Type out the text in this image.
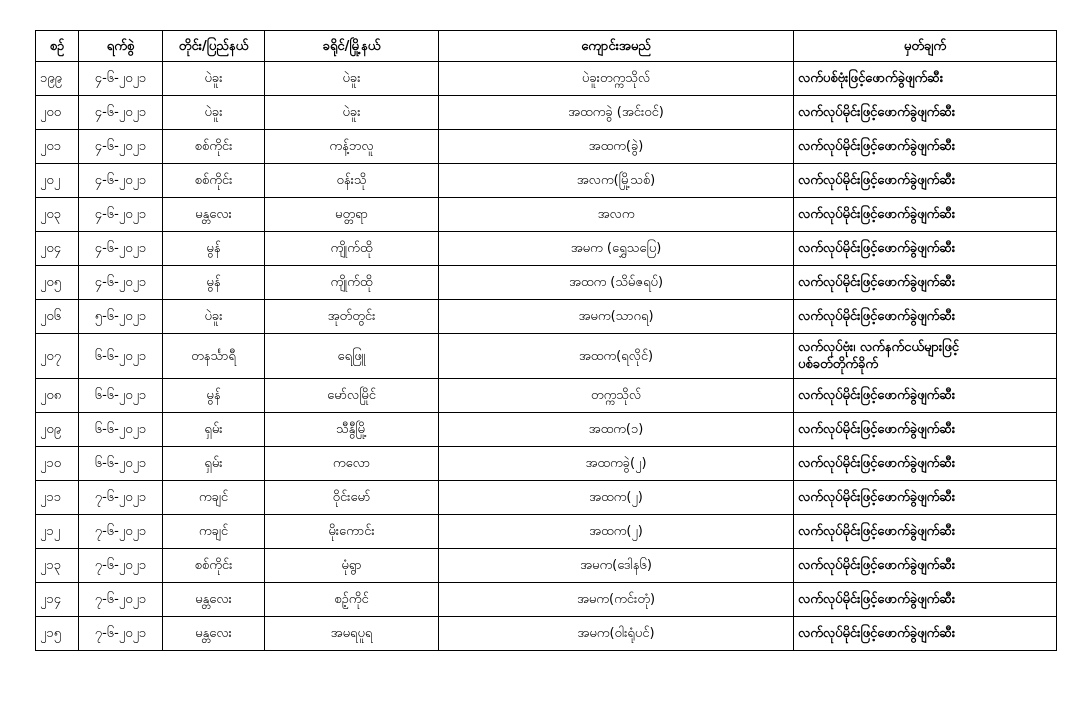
စဉ်	ရက်စွဲ	တိုင်း/ပြည်နယ်	ခရိုင်/မြို့နယ်	ကျောင်းအမည်	မှတ်ချက်
၁၉၉	၄-၆-၂၀၂၁	ပဲခူး	ပဲခူး	ပဲခူးတက္ကသိုလ်	လက်ပစ်ဗုံးဖြင့်ဖောက်ခွဲဖျက်ဆီး
၂၀၀	၄-၆-၂၀၂၁	ပဲခူး	ပဲခူး	အထကခွဲ (အင်းဝင်)	လက်လုပ်မိုင်းဖြင့်ဖောက်ခွဲဖျက်ဆီး
၂၀၁	၄-၆-၂၀၂၁	စစ်ကိုင်း	ကန့်ဘလူ	အထက(ခွဲ)	လက်လုပ်မိုင်းဖြင့်ဖောက်ခွဲဖျက်ဆီး
၂၀၂	၄-၆-၂၀၂၁	စစ်ကိုင်း	ဝန်းသို	အလက(မြို့သစ်)	လက်လုပ်မိုင်းဖြင့်ဖောက်ခွဲဖျက်ဆီး
၂၀၃	၄-၆-၂၀၂၁	မန္တလေး	မတ္တရာ	အလက	လက်လုပ်မိုင်းဖြင့်ဖောက်ခွဲဖျက်ဆီး
၂၀၄	၄-၆-၂၀၂၁	မွန်	ကျိုက်ထို	အမက (ရွှေသပြေ)	လက်လုပ်မိုင်းဖြင့်ဖောက်ခွဲဖျက်ဆီး
၂၀၅	၄-၆-၂၀၂၁	မွန်	ကျိုက်ထို	အထက (သိမ်ဇရပ်)	လက်လုပ်မိုင်းဖြင့်ဖောက်ခွဲဖျက်ဆီး
၂၀၆	၅-၆-၂၀၂၁	ပဲခူး	အုတ်တွင်း	အမက(သာဂရ)	လက်လုပ်မိုင်းဖြင့်ဖောက်ခွဲဖျက်ဆီး
၂၀၇	၆-၆-၂၀၂၁	တနင်္သာရီ	ရေဖြူ	အထက(ရလိုင်)	လက်လုပ်ဗုံး၊ လက်နက်ငယ်များဖြင့်
ပစ်ခတ်တိုက်ခိုက်

၂၀၈	၆-၆-၂၀၂၁	မွန်	မော်လမြိုင်	တက္ကသိုလ်	လက်လုပ်မိုင်းဖြင့်ဖောက်ခွဲဖျက်ဆီး
၂၀၉	၆-၆-၂၀၂၁	ရှမ်း	သီနွီမြို့	အထက(၁)	လက်လုပ်မိုင်းဖြင့်ဖောက်ခွဲဖျက်ဆီး
၂၁၀	၆-၆-၂၀၂၁	ရှမ်း	ကလော	အထကခွဲ(၂)	လက်လုပ်မိုင်းဖြင့်ဖောက်ခွဲဖျက်ဆီး
၂၁၁	၇-၆-၂၀၂၁	ကချင်	ဝိုင်းမော်	အထက(၂)	လက်လုပ်မိုင်းဖြင့်ဖောက်ခွဲဖျက်ဆီး
၂၁၂	၇-၆-၂၀၂၁	ကချင်	မိုးကောင်း	အထက(၂)	လက်လုပ်မိုင်းဖြင့်ဖောက်ခွဲဖျက်ဆီး
၂၁၃	၇-၆-၂၀၂၁	စစ်ကိုင်း	မုံရွာ	အမက(ဒေါန၆)	လက်လုပ်မိုင်းဖြင့်ဖောက်ခွဲဖျက်ဆီး
၂၁၄	၇-၆-၂၀၂၁	မန္တလေး	စဥ့်ကိုင်	အမက(ကင်းတုံ)	လက်လုပ်မိုင်းဖြင့်ဖောက်ခွဲဖျက်ဆီး
၂၁၅	၇-၆-၂၀၂၁	မန္တလေး	အမရပူရ	အမက(ဝါးရုံပင်)	လက်လုပ်မိုင်းဖြင့်ဖောက်ခွဲဖျက်ဆီး
